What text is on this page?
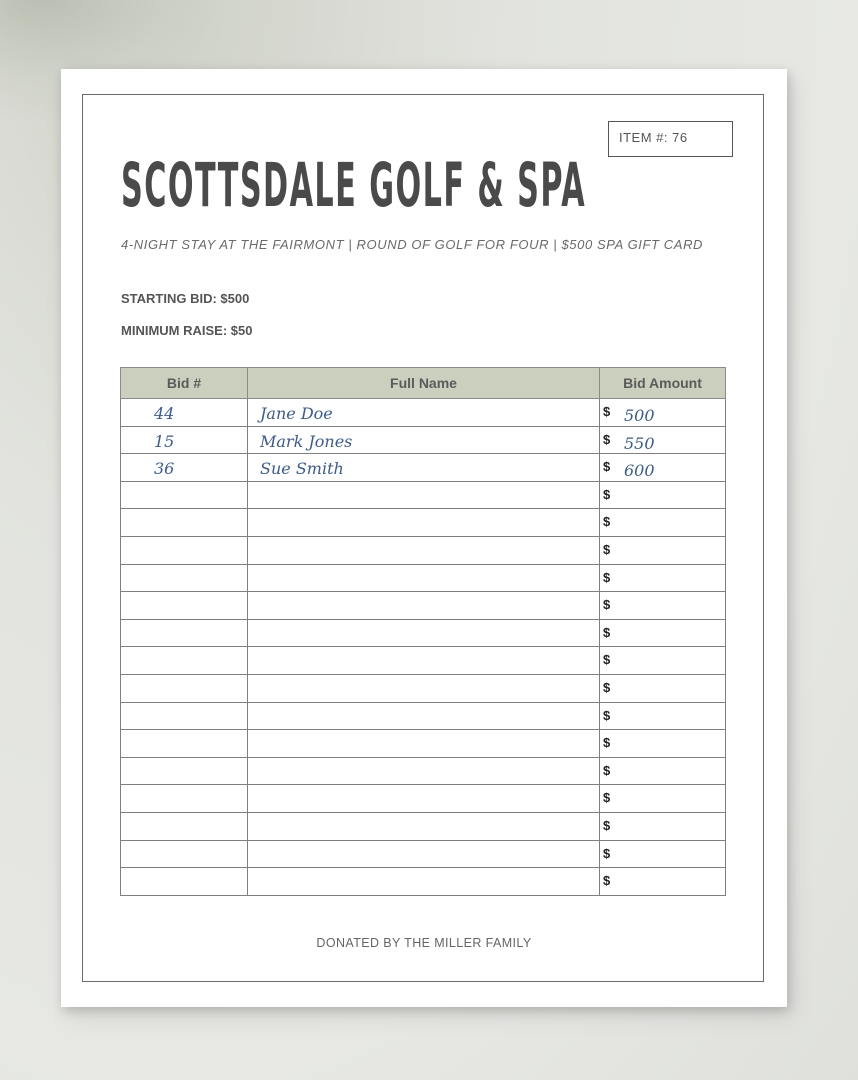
ITEM #: 76
SCOTTSDALE GOLF & SPA
4-NIGHT STAY AT THE FAIRMONT | ROUND OF GOLF FOR FOUR | $500 SPA GIFT CARD
STARTING BID: $500
MINIMUM RAISE: $50
Bid #	Full Name	Bid Amount

44	Jane Doe	$ 500

15	Mark Jones	$ 550

36	Sue Smith	$ 600

		$

		$

		$

		$

		$

		$

		$

		$

		$

		$

		$

		$

		$

		$

		$
DONATED BY THE MILLER FAMILY
